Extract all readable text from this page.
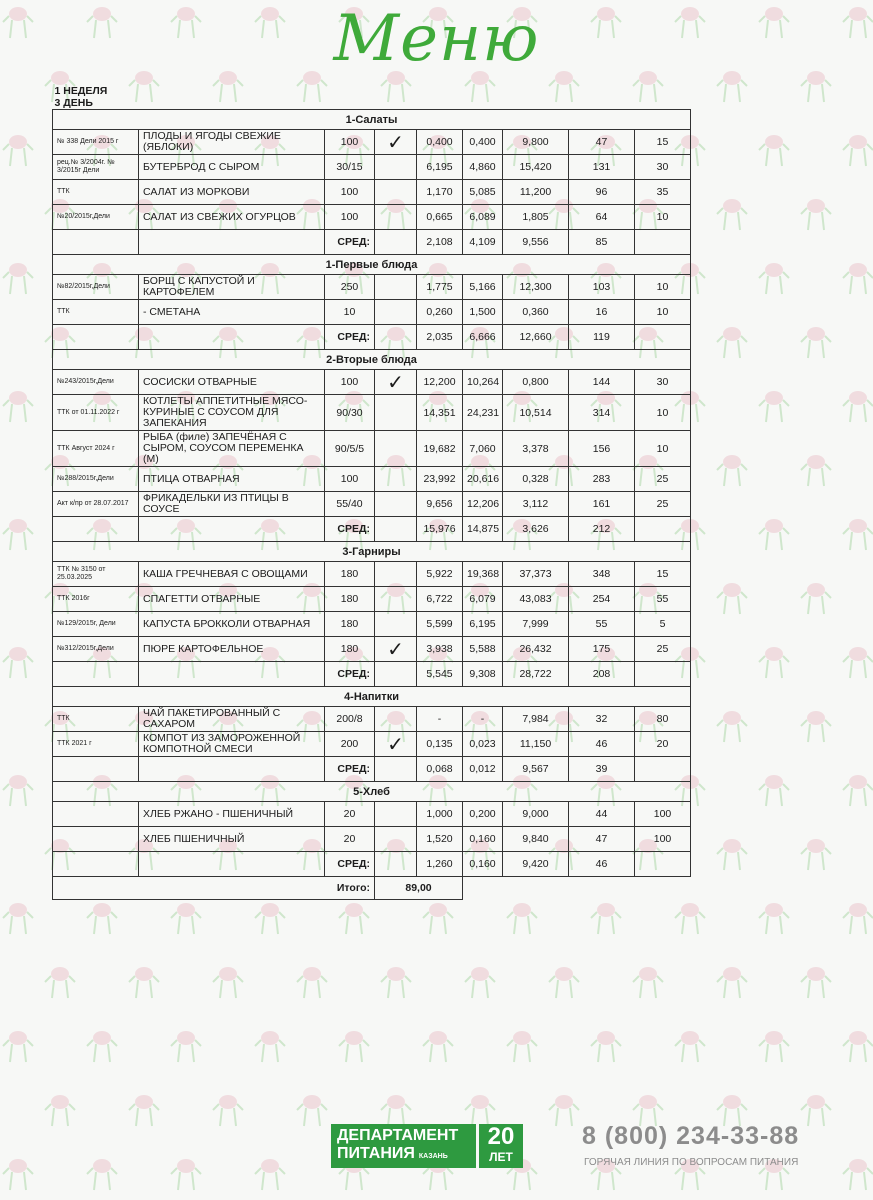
Меню
1 НЕДЕЛЯ								
3 ДЕНЬ								
1-Салаты								
№ 338 Дели 2015 г	ПЛОДЫ И ЯГОДЫ СВЕЖИЕ (ЯБЛОКИ)	100	✓	0,400	0,400	9,800	47	15
рец.№ 3/2004г. № 3/2015г Дели	БУТЕРБРОД С СЫРОМ	30/15		6,195	4,860	15,420	131	30
ТТК	САЛАТ ИЗ МОРКОВИ	100		1,170	5,085	11,200	96	35
№20/2015г,Дели	САЛАТ ИЗ СВЕЖИХ ОГУРЦОВ	100		0,665	6,089	1,805	64	10
		СРЕД:		2,108	4,109	9,556	85	
1-Первые блюда								
№82/2015г,Дели	БОРЩ С КАПУСТОЙ И КАРТОФЕЛЕМ	250		1,775	5,166	12,300	103	10
ТТК	- СМЕТАНА	10		0,260	1,500	0,360	16	10
		СРЕД:		2,035	6,666	12,660	119	
2-Вторые блюда								
№243/2015г,Дели	СОСИСКИ ОТВАРНЫЕ	100	✓	12,200	10,264	0,800	144	30
ТТК от 01.11.2022 г	КОТЛЕТЫ АППЕТИТНЫЕ МЯСО-КУРИНЫЕ С СОУСОМ ДЛЯ ЗАПЕКАНИЯ	90/30		14,351	24,231	10,514	314	10
ТТК Август 2024 г	РЫБА (филе) ЗАПЕЧЁНАЯ С СЫРОМ, СОУСОМ ПЕРЕМЕНКА (М)	90/5/5		19,682	7,060	3,378	156	10
№288/2015г,Дели	ПТИЦА ОТВАРНАЯ	100		23,992	20,616	0,328	283	25
Акт к/пр от 28.07.2017	ФРИКАДЕЛЬКИ ИЗ ПТИЦЫ В СОУСЕ	55/40		9,656	12,206	3,112	161	25
		СРЕД:		15,976	14,875	3,626	212	
3-Гарниры								
ТТК № 3150 от 25.03.2025	КАША ГРЕЧНЕВАЯ С ОВОЩАМИ	180		5,922	19,368	37,373	348	15
ТТК 2016г	СПАГЕТТИ ОТВАРНЫЕ	180		6,722	6,079	43,083	254	55
№129/2015г, Дели	КАПУСТА БРОККОЛИ ОТВАРНАЯ	180		5,599	6,195	7,999	55	5
№312/2015г,Дели	ПЮРЕ КАРТОФЕЛЬНОЕ	180	✓	3,938	5,588	26,432	175	25
		СРЕД:		5,545	9,308	28,722	208	
4-Напитки								
ТТК	ЧАЙ ПАКЕТИРОВАННЫЙ С САХАРОМ	200/8		-	-	7,984	32	80
ТТК 2021 г	КОМПОТ ИЗ ЗАМОРОЖЕННОЙ КОМПОТНОЙ СМЕСИ	200	✓	0,135	0,023	11,150	46	20
		СРЕД:		0,068	0,012	9,567	39	
5-Хлеб								
	ХЛЕБ РЖАНО - ПШЕНИЧНЫЙ	20		1,000	0,200	9,000	44	100
	ХЛЕБ ПШЕНИЧНЫЙ	20		1,520	0,160	9,840	47	100
		СРЕД:		1,260	0,160	9,420	46	
Итого:			89,00					
ДЕПАРТАМЕНТ
ПИТАНИЯ КАЗАНЬ
20
ЛЕТ
8 (800) 234-33-88
ГОРЯЧАЯ ЛИНИЯ ПО ВОПРОСАМ ПИТАНИЯ
